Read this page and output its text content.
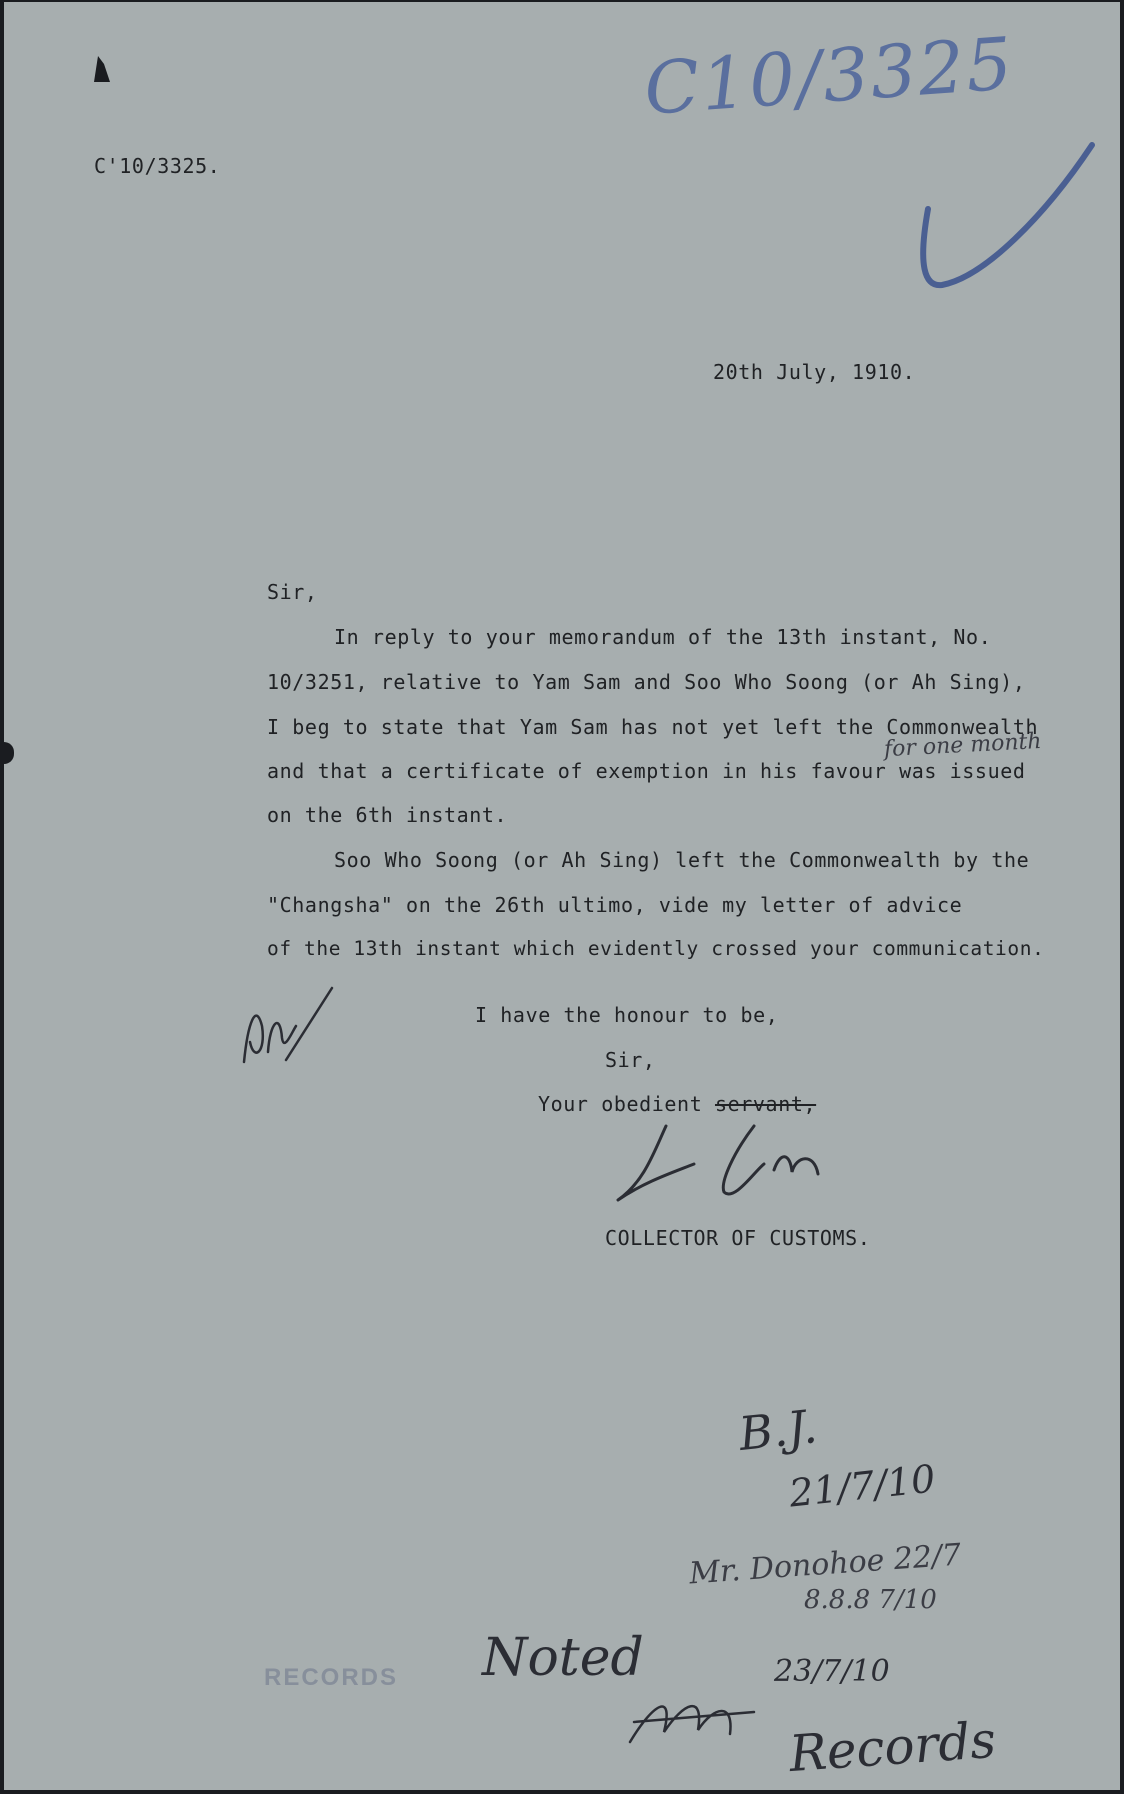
C'10/3325.
C10/3325
20th July, 1910.
Sir,
In reply to your memorandum of the 13th instant, No.
10/3251, relative to Yam Sam and Soo Who Soong (or Ah Sing),
I beg to state that Yam Sam has not yet left the Commonwealth
and that a certificate of exemption in his favour was issued
for one month
on the 6th instant.
Soo Who Soong (or Ah Sing) left the Commonwealth by the
"Changsha" on the 26th ultimo, vide my letter of advice
of the 13th instant which evidently crossed your communication.
I have the honour to be,
Sir,
Your obedient servant,
COLLECTOR OF CUSTOMS.
B.J.
21/7/10
Mr. Donohoe 22/7
8.8.8 7/10
RECORDS Noted	23/7/10
Records
